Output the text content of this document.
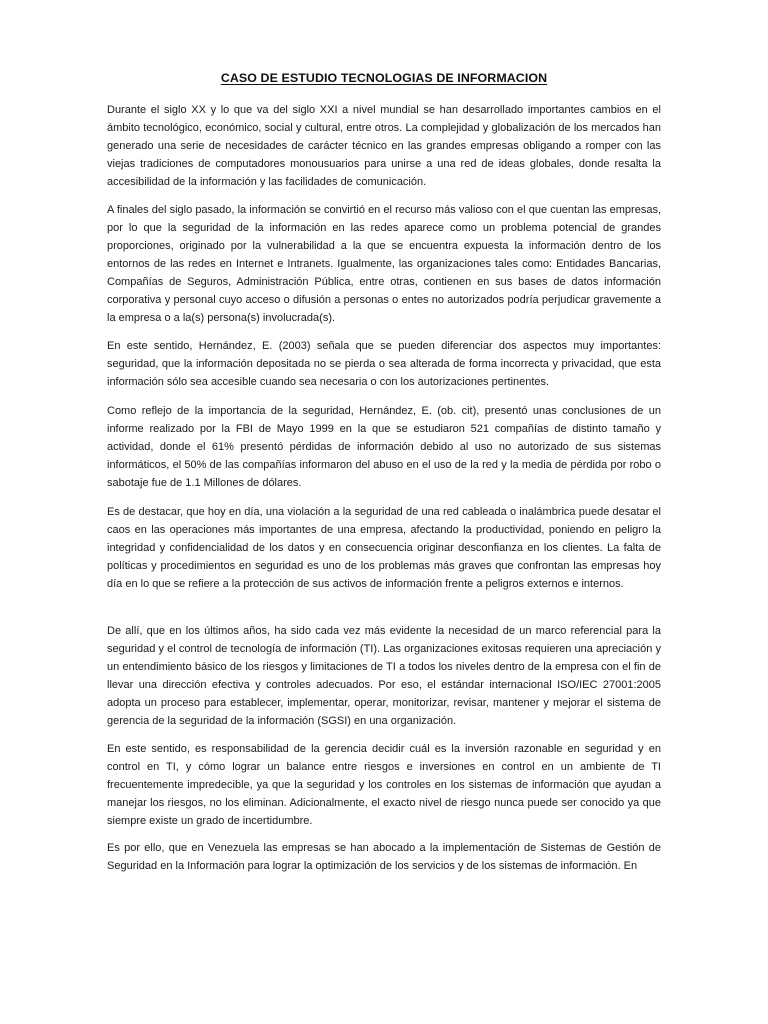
CASO DE ESTUDIO TECNOLOGIAS DE INFORMACION

Durante el siglo XX y lo que va del siglo XXI a nivel mundial se han desarrollado importantes cambios en el ámbito tecnológico, económico, social y cultural, entre otros. La complejidad y globalización de los mercados han generado una serie de necesidades de carácter técnico en las grandes empresas obligando a romper con las viejas tradiciones de computadores monousuarios para unirse a una red de ideas globales, donde resalta la accesibilidad de la información y las facilidades de comunicación.

A finales del siglo pasado, la información se convirtió en el recurso más valioso con el que cuentan las empresas, por lo que la seguridad de la información en las redes aparece como un problema potencial de grandes proporciones, originado por la vulnerabilidad a la que se encuentra expuesta la información dentro de los entornos de las redes en Internet e Intranets. Igualmente, las organizaciones tales como: Entidades Bancarias, Compañías de Seguros, Administración Pública, entre otras, contienen en sus bases de datos información corporativa y personal cuyo acceso o difusión a personas o entes no autorizados podría perjudicar gravemente a la empresa o a la(s) persona(s) involucrada(s).

En este sentido, Hernández, E. (2003) señala que se pueden diferenciar dos aspectos muy importantes: seguridad, que la información depositada no se pierda o sea alterada de forma incorrecta y privacidad, que esta información sólo sea accesible cuando sea necesaria o con los autorizaciones pertinentes.

Como reflejo de la importancia de la seguridad, Hernández, E. (ob. cit), presentó unas conclusiones de un informe realizado por la FBI de Mayo 1999 en la que se estudiaron 521 compañías de distinto tamaño y actividad, donde el 61% presentó pérdidas de información debido al uso no autorizado de sus sistemas informáticos, el 50% de las compañías informaron del abuso en el uso de la red y la media de pérdida por robo o sabotaje fue de 1.1 Millones de dólares.

Es de destacar, que hoy en día, una violación a la seguridad de una red cableada o inalámbrica puede desatar el caos en las operaciones más importantes de una empresa, afectando la productividad, poniendo en peligro la integridad y confidencialidad de los datos y en consecuencia originar desconfianza en los clientes. La falta de políticas y procedimientos en seguridad es uno de los problemas más graves que confrontan las empresas hoy día en lo que se refiere a la protección de sus activos de información frente a peligros externos e internos.

De allí, que en los últimos años, ha sido cada vez más evidente la necesidad de un marco referencial para la seguridad y el control de tecnología de información (TI). Las organizaciones exitosas requieren una apreciación y un entendimiento básico de los riesgos y limitaciones de TI a todos los niveles dentro de la empresa con el fin de llevar una dirección efectiva y controles adecuados. Por eso, el estándar internacional ISO/IEC 27001:2005 adopta un proceso para establecer, implementar, operar, monitorizar, revisar, mantener y mejorar el sistema de gerencia de la seguridad de la información (SGSI) en una organización.

En este sentido, es responsabilidad de la gerencia decidir cuál es la inversión razonable en seguridad y en control en TI, y cómo lograr un balance entre riesgos e inversiones en control en un ambiente de TI frecuentemente impredecible, ya que la seguridad y los controles en los sistemas de información que ayudan a manejar los riesgos, no los eliminan. Adicionalmente, el exacto nivel de riesgo nunca puede ser conocido ya que siempre existe un grado de incertidumbre.

Es por ello, que en Venezuela las empresas se han abocado a la implementación de Sistemas de Gestión de Seguridad en la Información para lograr la optimización de los servicios y de los sistemas de información. En
